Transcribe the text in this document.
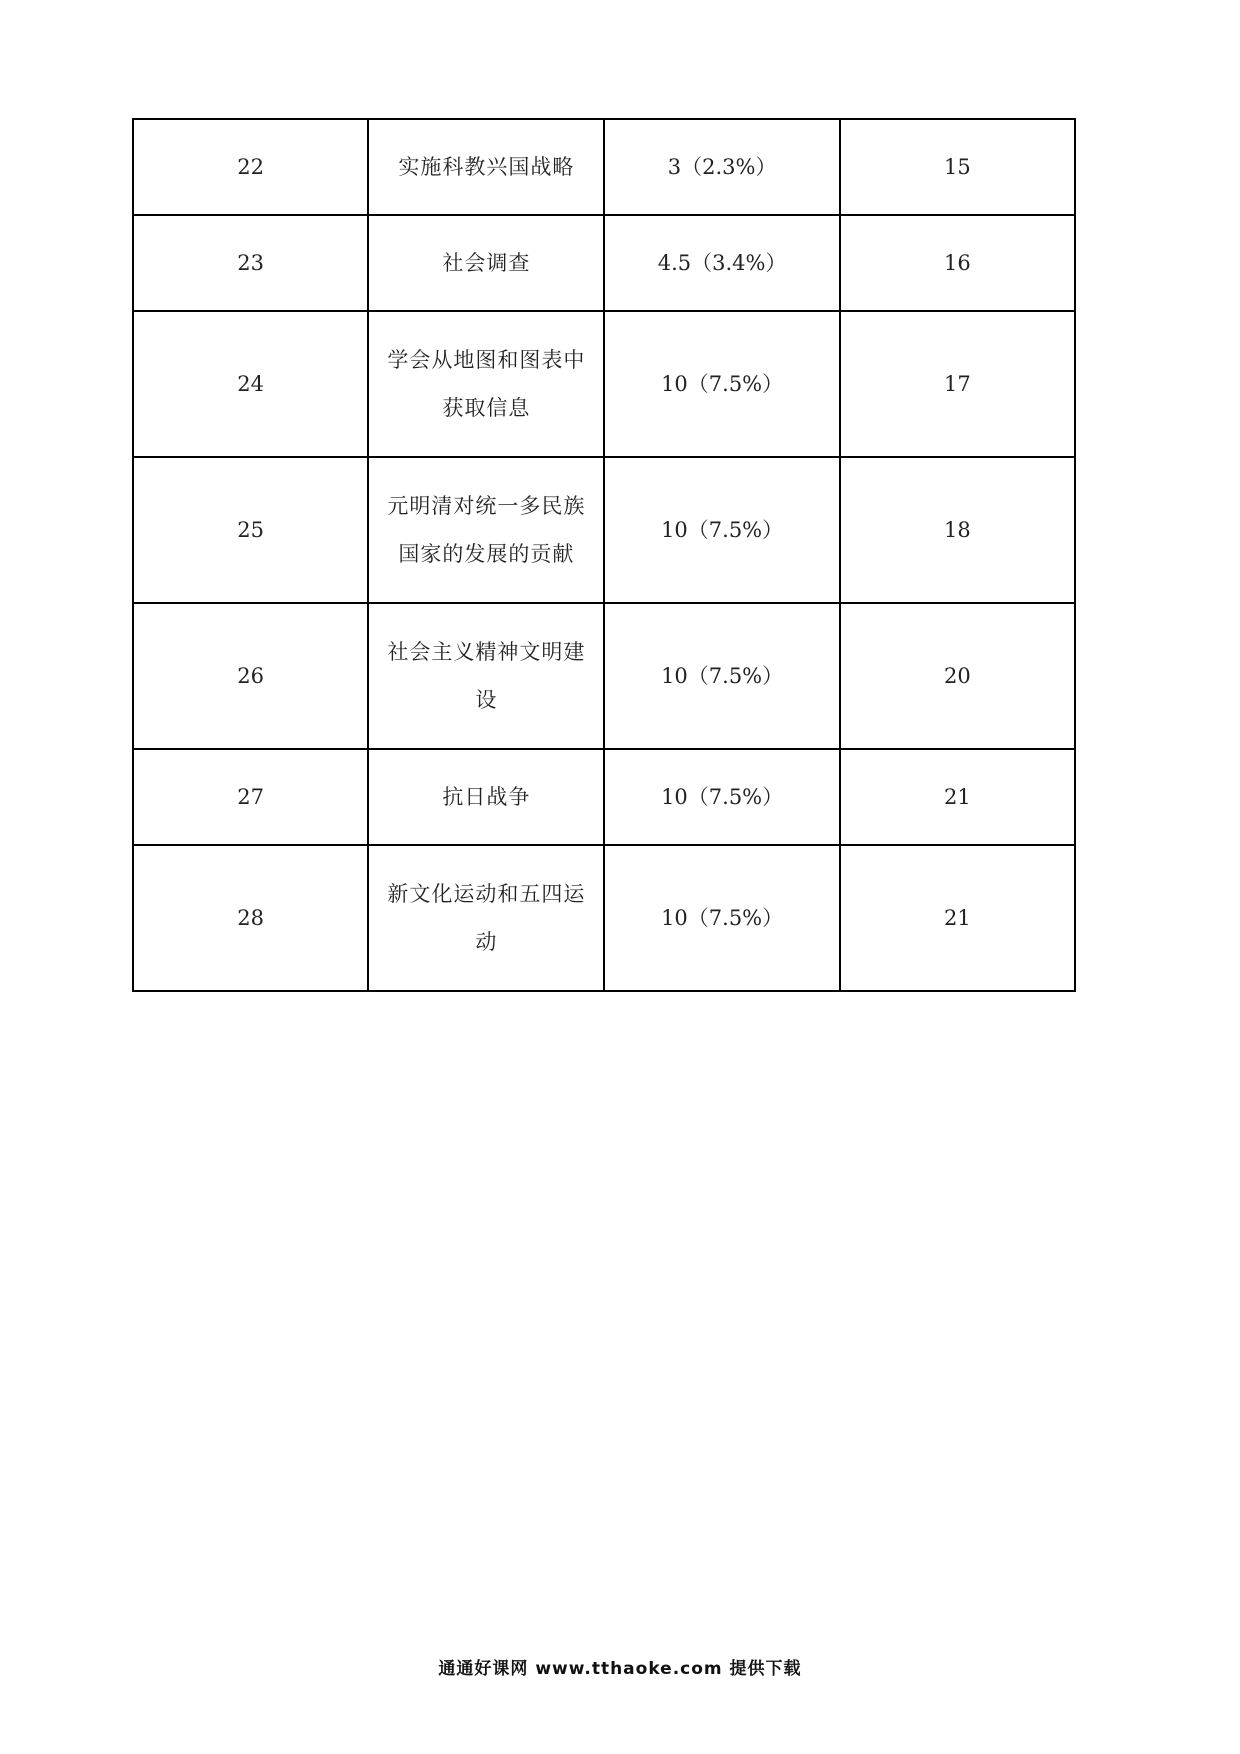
22	实施科教兴国战略	3（2.3%）	15
23	社会调查	4.5（3.4%）	16
24	学会从地图和图表中获取信息	10（7.5%）	17
25	元明清对统一多民族国家的发展的贡献	10（7.5%）	18
26	社会主义精神文明建设	10（7.5%）	20
27	抗日战争	10（7.5%）	21
28	新文化运动和五四运动	10（7.5%）	21
通通好课网 www.tthaoke.com 提供下载
